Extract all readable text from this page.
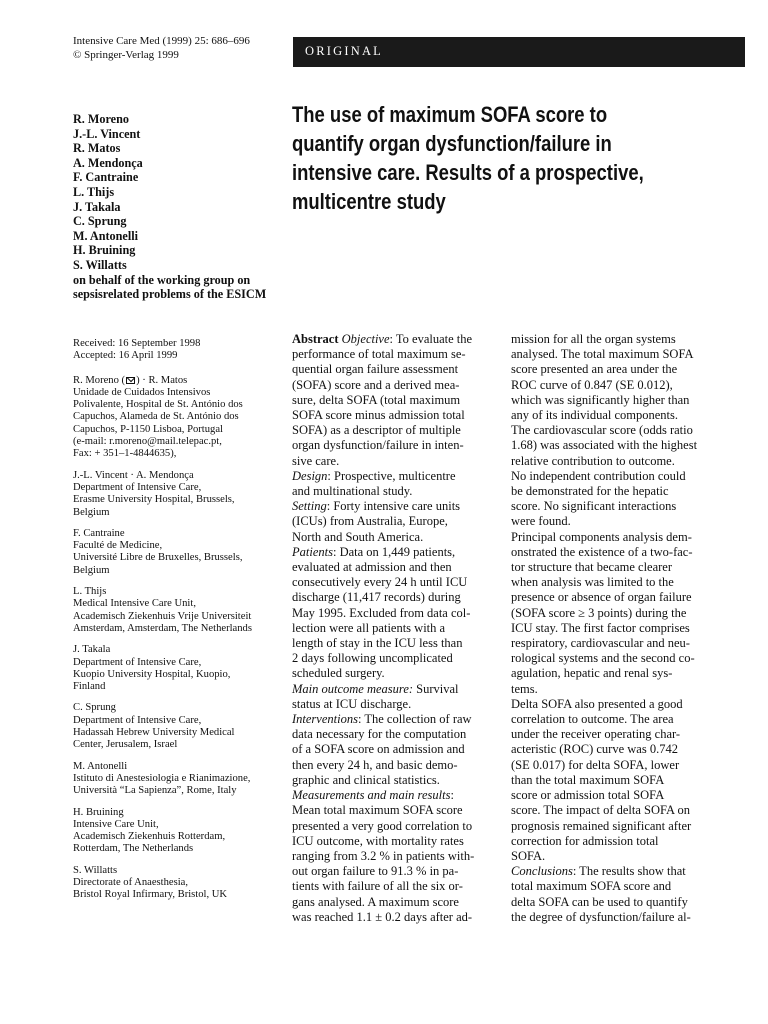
Intensive Care Med (1999) 25: 686–696
© Springer-Verlag 1999	ORIGINAL
R. Moreno
J.-L. Vincent
R. Matos
A. Mendonça
F. Cantraine
L. Thijs
J. Takala
C. Sprung
M. Antonelli
H. Bruining
S. Willatts
on behalf of the working group on
sepsisrelated problems of the ESICM
The use of maximum SOFA score to
quantify organ dysfunction/failure in
intensive care. Results of a prospective,
multicentre study
Received: 16 September 1998
Accepted: 16 April 1999
R. Moreno ( ) · R. Matos
Unidade de Cuidados Intensivos
Polivalente, Hospital de St. António dos
Capuchos, Alameda de St. António dos
Capuchos, P-1150 Lisboa, Portugal
(e-mail: r.moreno@mail.telepac.pt,
Fax: + 351–1-4844635),
J.-L. Vincent · A. Mendonça
Department of Intensive Care,
Erasme University Hospital, Brussels,
Belgium
F. Cantraine
Faculté de Medicine,
Université Libre de Bruxelles, Brussels,
Belgium
L. Thijs
Medical Intensive Care Unit,
Academisch Ziekenhuis Vrije Universiteit
Amsterdam, Amsterdam, The Netherlands
J. Takala
Department of Intensive Care,
Kuopio University Hospital, Kuopio,
Finland
C. Sprung
Department of Intensive Care,
Hadassah Hebrew University Medical
Center, Jerusalem, Israel
M. Antonelli
Istituto di Anestesiologia e Rianimazione,
Università “La Sapienza”, Rome, Italy
H. Bruining
Intensive Care Unit,
Academisch Ziekenhuis Rotterdam,
Rotterdam, The Netherlands
S. Willatts
Directorate of Anaesthesia,
Bristol Royal Infirmary, Bristol, UK
Abstract Objective: To evaluate the
performance of total maximum se-
quential organ failure assessment
(SOFA) score and a derived mea-
sure, delta SOFA (total maximum
SOFA score minus admission total
SOFA) as a descriptor of multiple
organ dysfunction/failure in inten-
sive care.
Design: Prospective, multicentre
and multinational study.
Setting: Forty intensive care units
(ICUs) from Australia, Europe,
North and South America.
Patients: Data on 1,449 patients,
evaluated at admission and then
consecutively every 24 h until ICU
discharge (11,417 records) during
May 1995. Excluded from data col-
lection were all patients with a
length of stay in the ICU less than
2 days following uncomplicated
scheduled surgery.
Main outcome measure: Survival
status at ICU discharge.
Interventions: The collection of raw
data necessary for the computation
of a SOFA score on admission and
then every 24 h, and basic demo-
graphic and clinical statistics.
Measurements and main results:
Mean total maximum SOFA score
presented a very good correlation to
ICU outcome, with mortality rates
ranging from 3.2 % in patients with-
out organ failure to 91.3 % in pa-
tients with failure of all the six or-
gans analysed. A maximum score
was reached 1.1 ± 0.2 days after ad-
mission for all the organ systems
analysed. The total maximum SOFA
score presented an area under the
ROC curve of 0.847 (SE 0.012),
which was significantly higher than
any of its individual components.
The cardiovascular score (odds ratio
1.68) was associated with the highest
relative contribution to outcome.
No independent contribution could
be demonstrated for the hepatic
score. No significant interactions
were found.
Principal components analysis dem-
onstrated the existence of a two-fac-
tor structure that became clearer
when analysis was limited to the
presence or absence of organ failure
(SOFA score ≥ 3 points) during the
ICU stay. The first factor comprises
respiratory, cardiovascular and neu-
rological systems and the second co-
agulation, hepatic and renal sys-
tems.
Delta SOFA also presented a good
correlation to outcome. The area
under the receiver operating char-
acteristic (ROC) curve was 0.742
(SE 0.017) for delta SOFA, lower
than the total maximum SOFA
score or admission total SOFA
score. The impact of delta SOFA on
prognosis remained significant after
correction for admission total
SOFA.
Conclusions: The results show that
total maximum SOFA score and
delta SOFA can be used to quantify
the degree of dysfunction/failure al-
